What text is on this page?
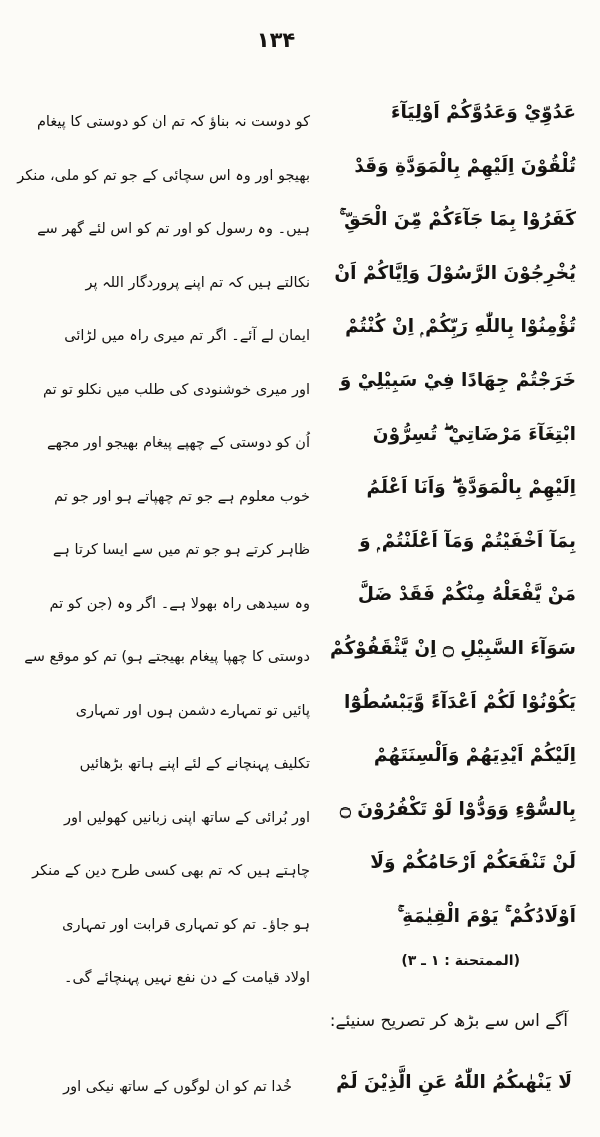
۱۳۴
عَدُوِّيْ وَعَدُوَّكُمْ اَوْلِيَآءَ
تُلْقُوْنَ اِلَيْهِمْ بِالْمَوَدَّةِ وَقَدْ
كَفَرُوْا بِمَا جَآءَكُمْ مِّنَ الْحَقِّ ۚ
يُخْرِجُوْنَ الرَّسُوْلَ وَاِيَّاكُمْ اَنْ
تُؤْمِنُوْا بِاللّٰهِ رَبِّكُمْ ۭ اِنْ كُنْتُمْ
خَرَجْتُمْ جِهَادًا فِيْ سَبِيْلِيْ وَ
ابْتِغَآءَ مَرْضَاتِيْ ۖ تُسِرُّوْنَ
اِلَيْهِمْ بِالْمَوَدَّةِ ۖ وَاَنَا اَعْلَمُ
بِمَآ اَخْفَيْتُمْ وَمَآ اَعْلَنْتُمْ ۭ وَ
مَنْ يَّفْعَلْهُ مِنْكُمْ فَقَدْ ضَلَّ
سَوَآءَ السَّبِيْلِ ۝ اِنْ يَّثْقَفُوْكُمْ
يَكُوْنُوْا لَكُمْ اَعْدَآءً وَّيَبْسُطُوْٓا
اِلَيْكُمْ اَيْدِيَهُمْ وَاَلْسِنَتَهُمْ
بِالسُّوْٓءِ وَوَدُّوْا لَوْ تَكْفُرُوْنَ ۝
لَنْ تَنْفَعَكُمْ اَرْحَامُكُمْ وَلَا
اَوْلَادُكُمْ ۚ يَوْمَ الْقِيٰمَةِ ۚ
کو دوست نہ بناؤ کہ تم ان کو دوستی کا پیغام
بھیجو اور وہ اس سچائی کے جو تم کو ملی، منکر
ہیں۔ وہ رسول کو اور تم کو اس لئے گھر سے
نکالتے ہیں کہ تم اپنے پروردگار اللہ پر
ایمان لے آئے۔ اگر تم میری راہ میں لڑائی
اور میری خوشنودی کی طلب میں نکلو تو تم
اُن کو دوستی کے چھپے پیغام بھیجو اور مجھے
خوب معلوم ہے جو تم چھپاتے ہو اور جو تم
ظاہر کرتے ہو جو تم میں سے ایسا کرتا ہے
وہ سیدھی راہ بھولا ہے۔ اگر وہ (جن کو تم
دوستی کا چھپا پیغام بھیجتے ہو) تم کو موقع سے
پائیں تو تمہارے دشمن ہوں اور تمہاری
تکلیف پہنچانے کے لئے اپنے ہاتھ بڑھائیں
اور بُرائی کے ساتھ اپنی زبانیں کھولیں اور
چاہتے ہیں کہ تم بھی کسی طرح دین کے منکر
ہو جاؤ۔ تم کو تمہاری قرابت اور تمہاری
اولاد قیامت کے دن نفع نہیں پہنچائے گی۔
(الممتحنة : ۱ ـ ۳)
آگے اس سے بڑھ کر تصریح سنیئے:
لَا يَنْهٰىكُمُ اللّٰهُ عَنِ الَّذِيْنَ لَمْ
خُدا تم کو ان لوگوں کے ساتھ نیکی اور
